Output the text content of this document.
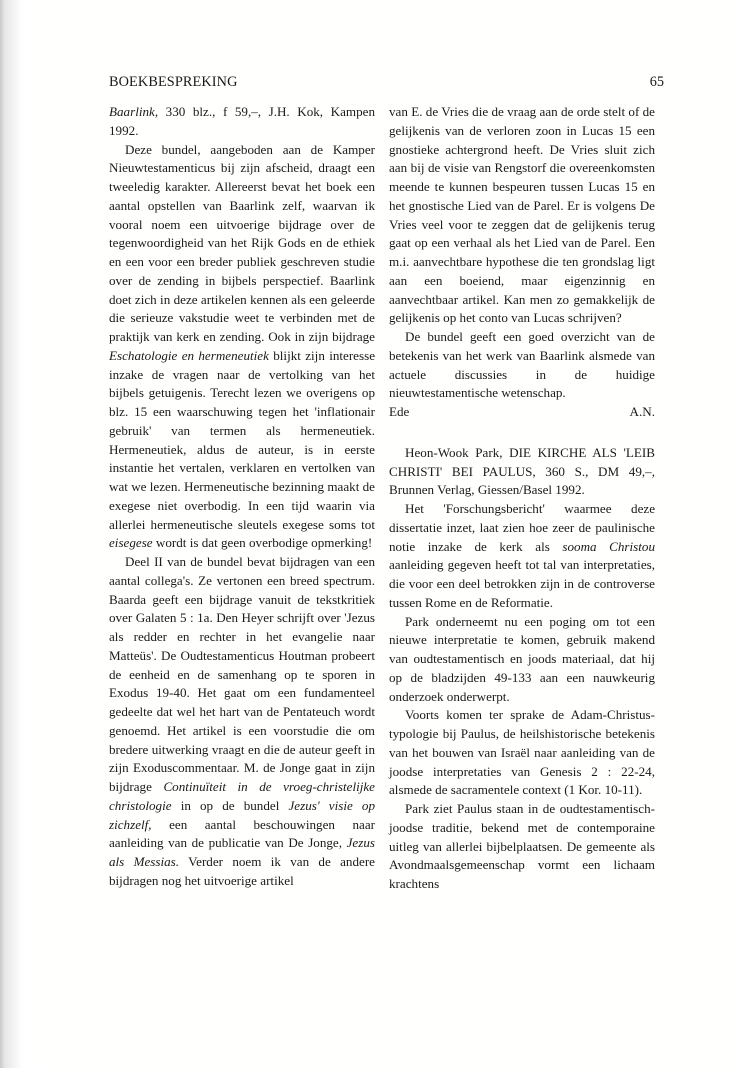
BOEKBESPREKING	65

Baarlink, 330 blz., f 59,–, J.H. Kok, Kampen 1992.

Deze bundel, aangeboden aan de Kamper Nieuwtestamenticus bij zijn afscheid, draagt een tweeledig karakter. Allereerst bevat het boek een aantal opstellen van Baarlink zelf, waarvan ik vooral noem een uitvoerige bijdrage over de tegenwoordigheid van het Rijk Gods en de ethiek en een voor een breder publiek geschreven studie over de zending in bijbels perspectief. Baarlink doet zich in deze artikelen kennen als een geleerde die serieuze vakstudie weet te verbinden met de praktijk van kerk en zending. Ook in zijn bijdrage Eschatologie en hermeneutiek blijkt zijn interesse inzake de vragen naar de vertolking van het bijbels getuigenis. Terecht lezen we overigens op blz. 15 een waarschuwing tegen het 'inflationair gebruik' van termen als hermeneutiek. Hermeneutiek, aldus de auteur, is in eerste instantie het vertalen, verklaren en vertolken van wat we lezen. Hermeneutische bezinning maakt de exegese niet overbodig. In een tijd waarin via allerlei hermeneutische sleutels exegese soms tot eisegese wordt is dat geen overbodige opmerking!

Deel II van de bundel bevat bijdragen van een aantal collega's. Ze vertonen een breed spectrum. Baarda geeft een bijdrage vanuit de tekstkritiek over Galaten 5 : 1a. Den Heyer schrijft over 'Jezus als redder en rechter in het evangelie naar Matteüs'. De Oudtestamenticus Houtman probeert de eenheid en de samenhang op te sporen in Exodus 19-40. Het gaat om een fundamenteel gedeelte dat wel het hart van de Pentateuch wordt genoemd. Het artikel is een voorstudie die om bredere uitwerking vraagt en die de auteur geeft in zijn Exoduscommentaar. M. de Jonge gaat in zijn bijdrage Continuïteit in de vroeg-christelijke christologie in op de bundel Jezus' visie op zichzelf, een aantal beschouwingen naar aanleiding van de publicatie van De Jonge, Jezus als Messias. Verder noem ik van de andere bijdragen nog het uitvoerige artikel

van E. de Vries die de vraag aan de orde stelt of de gelijkenis van de verloren zoon in Lucas 15 een gnostieke achtergrond heeft. De Vries sluit zich aan bij de visie van Rengstorf die overeenkomsten meende te kunnen bespeuren tussen Lucas 15 en het gnostische Lied van de Parel. Er is volgens De Vries veel voor te zeggen dat de gelijkenis terug gaat op een verhaal als het Lied van de Parel. Een m.i. aanvechtbare hypothese die ten grondslag ligt aan een boeiend, maar eigenzinnig en aanvechtbaar artikel. Kan men zo gemakkelijk de gelijkenis op het conto van Lucas schrijven?

De bundel geeft een goed overzicht van de betekenis van het werk van Baarlink alsmede van actuele discussies in de huidige nieuwtestamentische wetenschap.

Ede	A.N.

Heon-Wook Park, DIE KIRCHE ALS 'LEIB CHRISTI' BEI PAULUS, 360 S., DM 49,–, Brunnen Verlag, Giessen/Basel 1992.

Het 'Forschungsbericht' waarmee deze dissertatie inzet, laat zien hoe zeer de paulinische notie inzake de kerk als sooma Christou aanleiding gegeven heeft tot tal van interpretaties, die voor een deel betrokken zijn in de controverse tussen Rome en de Reformatie.

Park onderneemt nu een poging om tot een nieuwe interpretatie te komen, gebruik makend van oudtestamentisch en joods materiaal, dat hij op de bladzijden 49-133 aan een nauwkeurig onderzoek onderwerpt.

Voorts komen ter sprake de Adam-Christus-typologie bij Paulus, de heilshistorische betekenis van het bouwen van Israël naar aanleiding van de joodse interpretaties van Genesis 2 : 22-24, alsmede de sacramentele context (1 Kor. 10-11).

Park ziet Paulus staan in de oudtestamentisch-joodse traditie, bekend met de contemporaine uitleg van allerlei bijbelplaatsen. De gemeente als Avondmaalsgemeenschap vormt een lichaam krachtens
